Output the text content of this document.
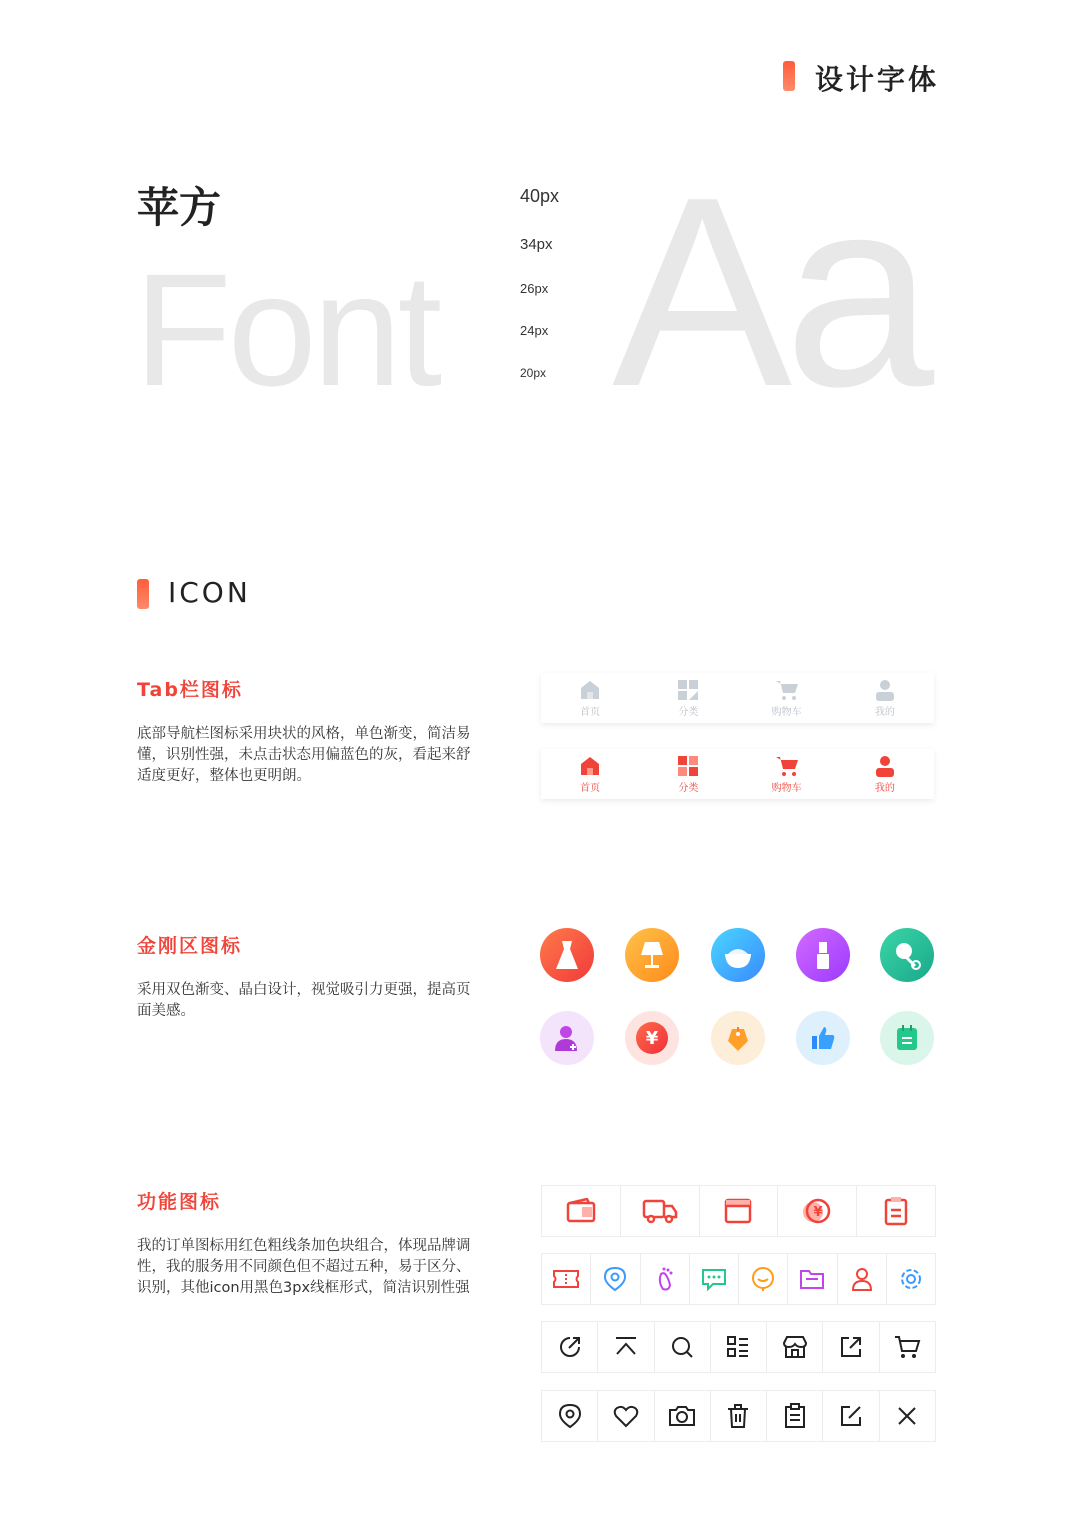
设计字体
苹方
Font Aa
40px
34px
26px
24px
20px
ICON
Tab栏图标
底部导航栏图标采用块状的风格，单色渐变，简洁易懂，识别性强，未点击状态用偏蓝色的灰，看起来舒适度更好，整体也更明朗。
首页	分类	购物车	我的
首页	分类	购物车	我的
金刚区图标
采用双色渐变、晶白设计，视觉吸引力更强，提高页面美感。
¥
功能图标
我的订单图标用红色粗线条加色块组合，体现品牌调性，我的服务用不同颜色但不超过五种，易于区分、识别，其他icon用黑色3px线框形式，简洁识别性强
¥
